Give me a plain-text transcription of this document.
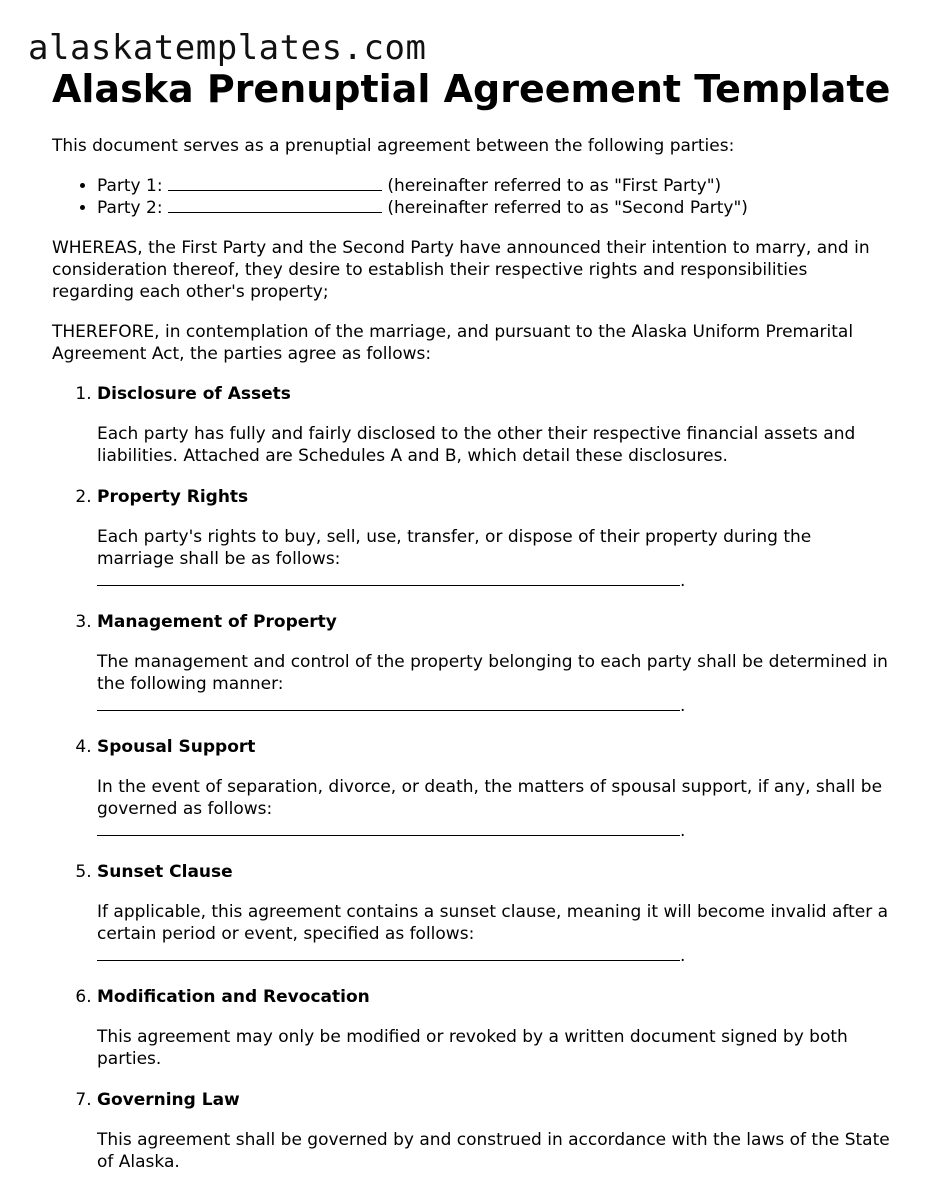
alaskatemplates.com
Alaska Prenuptial Agreement Template

This document serves as a prenuptial agreement between the following parties:

• Party 1:	(hereinafter referred to as "First Party")
• Party 2:	(hereinafter referred to as "Second Party")

WHEREAS, the First Party and the Second Party have announced their intention to marry, and in consideration thereof, they desire to establish their respective rights and responsibilities regarding each other's property;

THEREFORE, in contemplation of the marriage, and pursuant to the Alaska Uniform Premarital Agreement Act, the parties agree as follows:

1. Disclosure of Assets
Each party has fully and fairly disclosed to the other their respective financial assets and liabilities. Attached are Schedules A and B, which detail these disclosures.
2. Property Rights
Each party's rights to buy, sell, use, transfer, or dispose of their property during the marriage shall be as follows:
.
3. Management of Property
The management and control of the property belonging to each party shall be determined in the following manner:
.
4. Spousal Support
In the event of separation, divorce, or death, the matters of spousal support, if any, shall be governed as follows:
.
5. Sunset Clause
If applicable, this agreement contains a sunset clause, meaning it will become invalid after a certain period or event, specified as follows:
.
6. Modification and Revocation
This agreement may only be modified or revoked by a written document signed by both parties.
7. Governing Law
This agreement shall be governed by and construed in accordance with the laws of the State of Alaska.
